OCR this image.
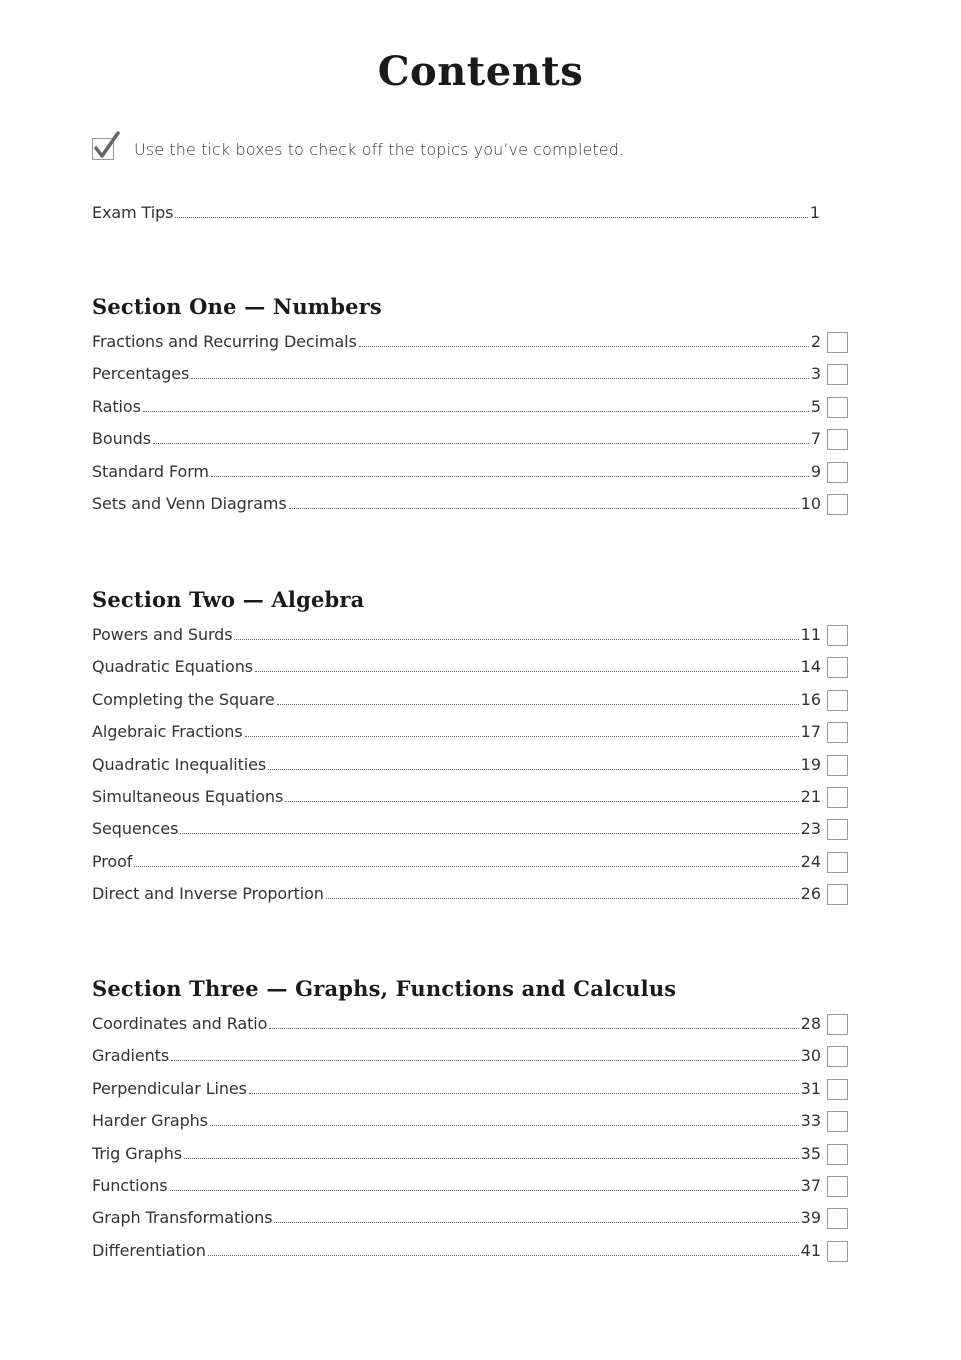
Contents
Use the tick boxes to check off the topics you’ve completed.
Exam Tips	1
Section One — Numbers
Fractions and Recurring Decimals	2
Percentages	3
Ratios	5
Bounds	7
Standard Form	9
Sets and Venn Diagrams	10
Section Two — Algebra
Powers and Surds	11
Quadratic Equations	14
Completing the Square	16
Algebraic Fractions	17
Quadratic Inequalities	19
Simultaneous Equations	21
Sequences	23
Proof	24
Direct and Inverse Proportion	26
Section Three — Graphs, Functions and Calculus
Coordinates and Ratio	28
Gradients	30
Perpendicular Lines	31
Harder Graphs	33
Trig Graphs	35
Functions	37
Graph Transformations	39
Differentiation	41
